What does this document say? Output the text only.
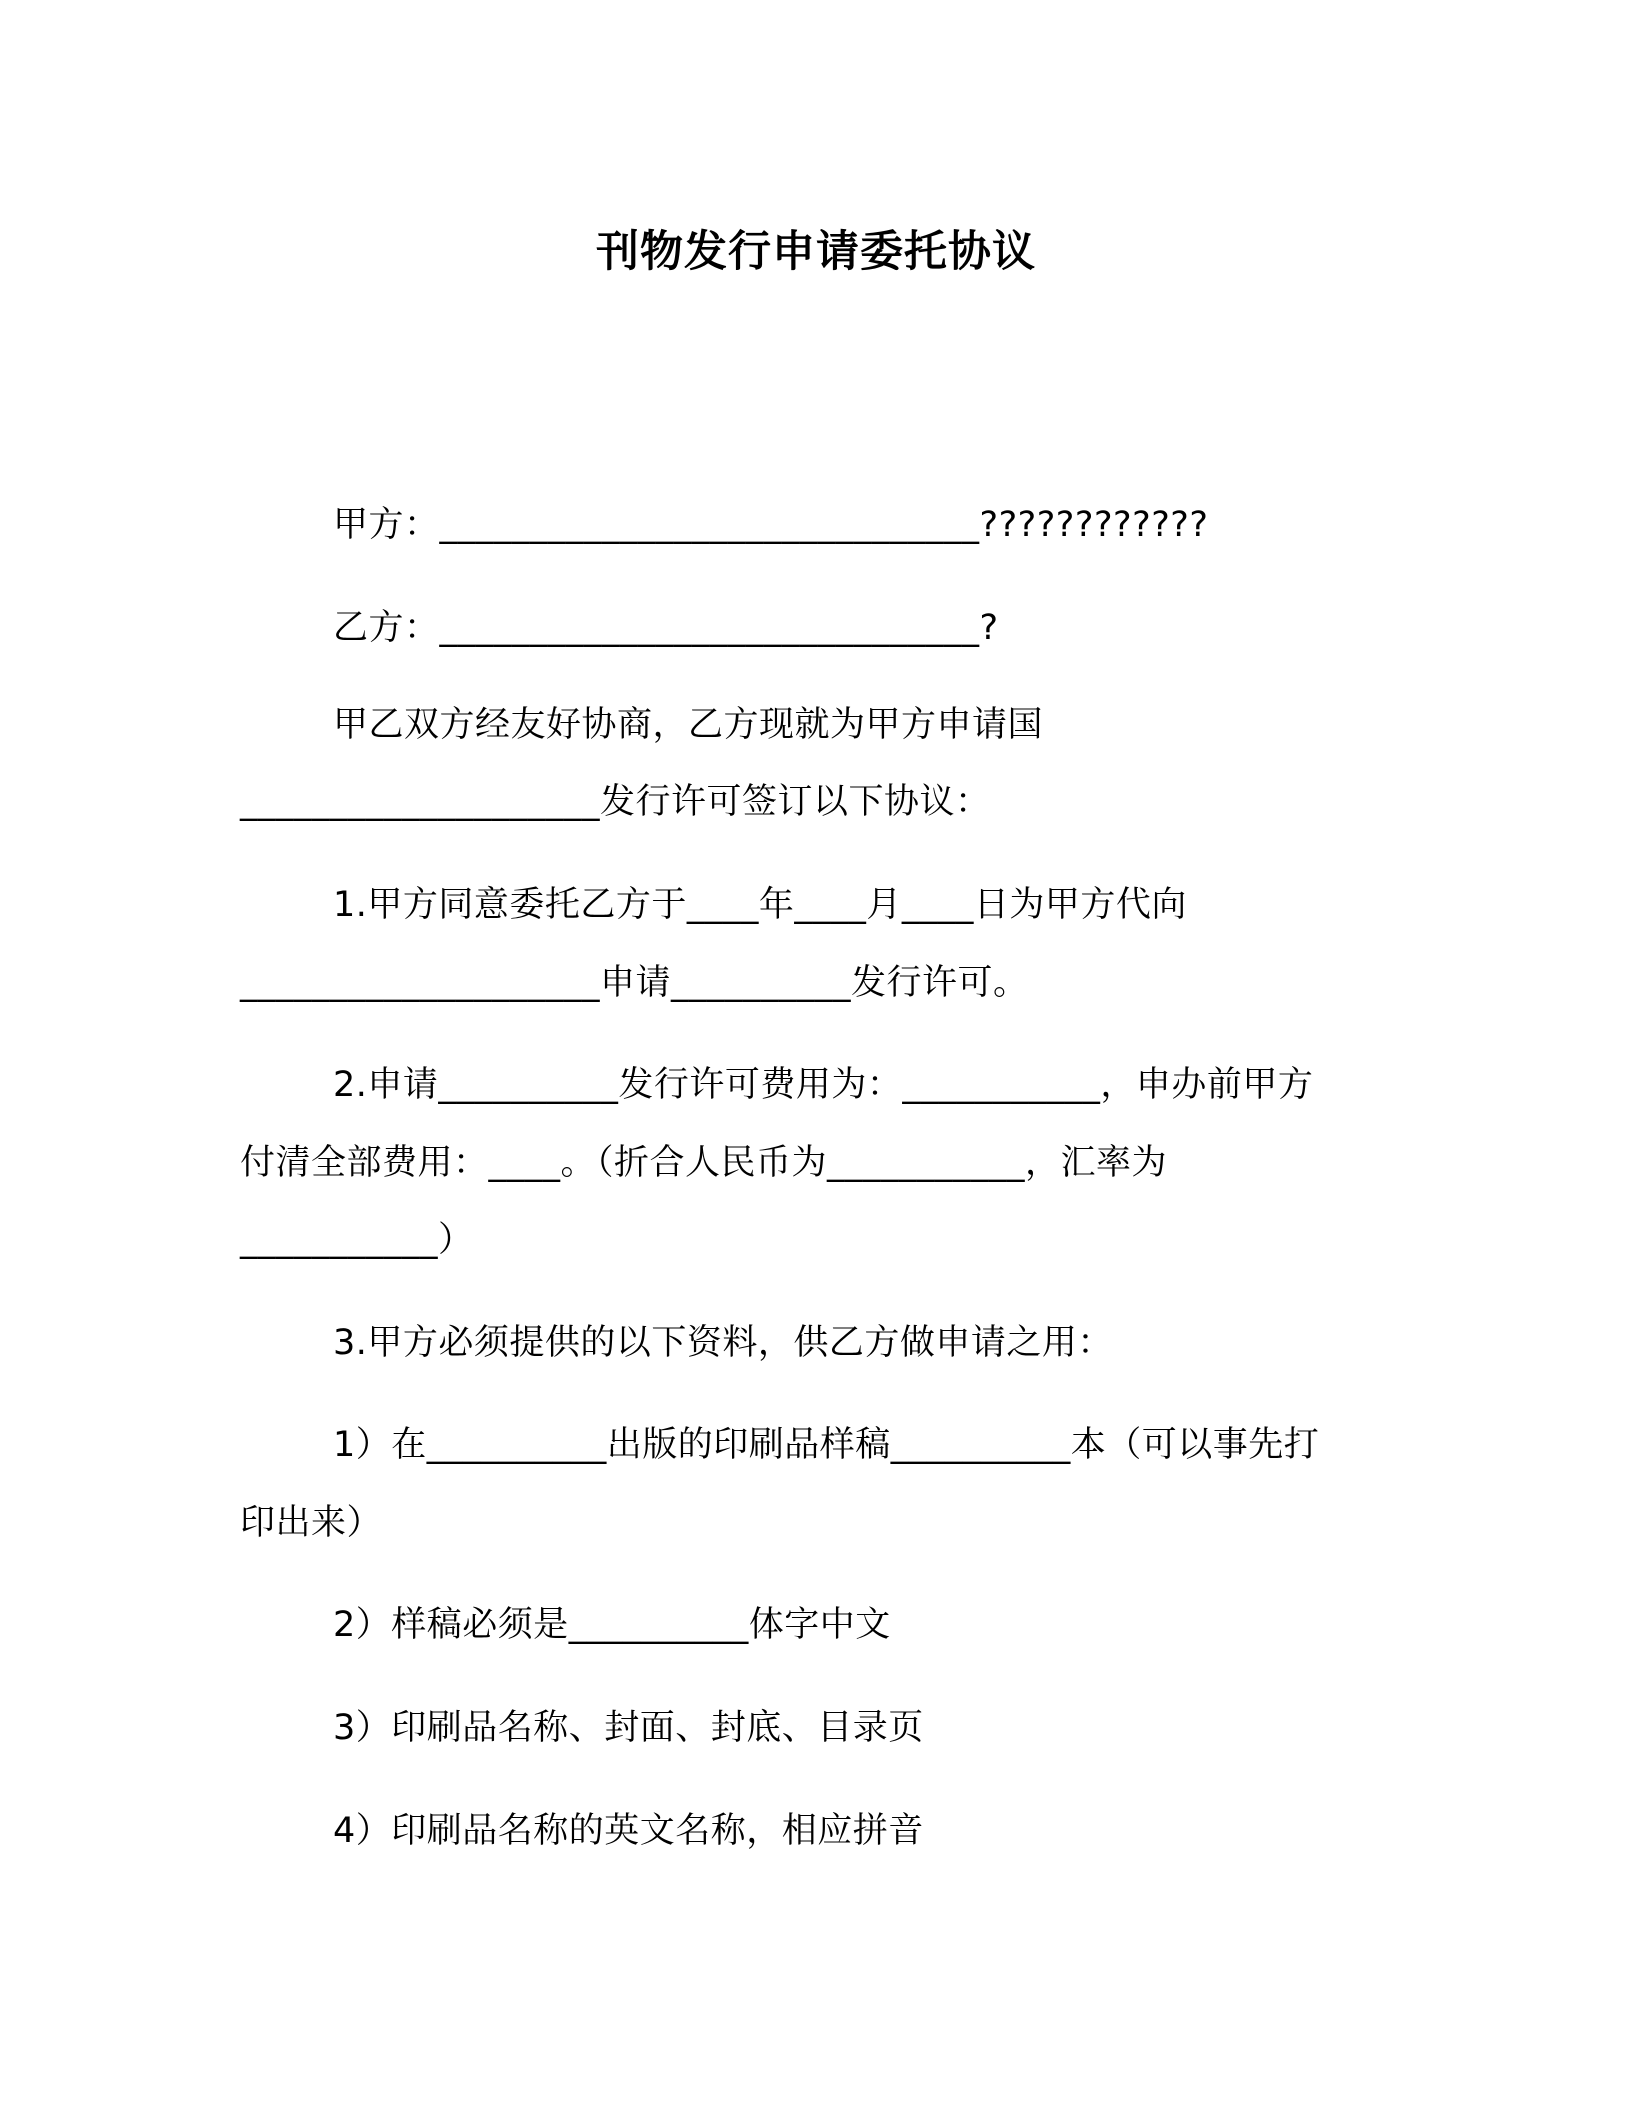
刊物发行申请委托协议
甲方：______________________________????????????
乙方：______________________________?
甲乙双方经友好协商，乙方现就为甲方申请国
____________________发行许可签订以下协议：
1.甲方同意委托乙方于____年____月____日为甲方代向
____________________申请__________发行许可。
2.申请__________发行许可费用为：___________，申办前甲方
付清全部费用：____。（折合人民币为___________，汇率为
___________）
3.甲方必须提供的以下资料，供乙方做申请之用：
1）在__________出版的印刷品样稿__________本（可以事先打
印出来）
2）样稿必须是__________体字中文
3）印刷品名称、封面、封底、目录页
4）印刷品名称的英文名称，相应拼音
